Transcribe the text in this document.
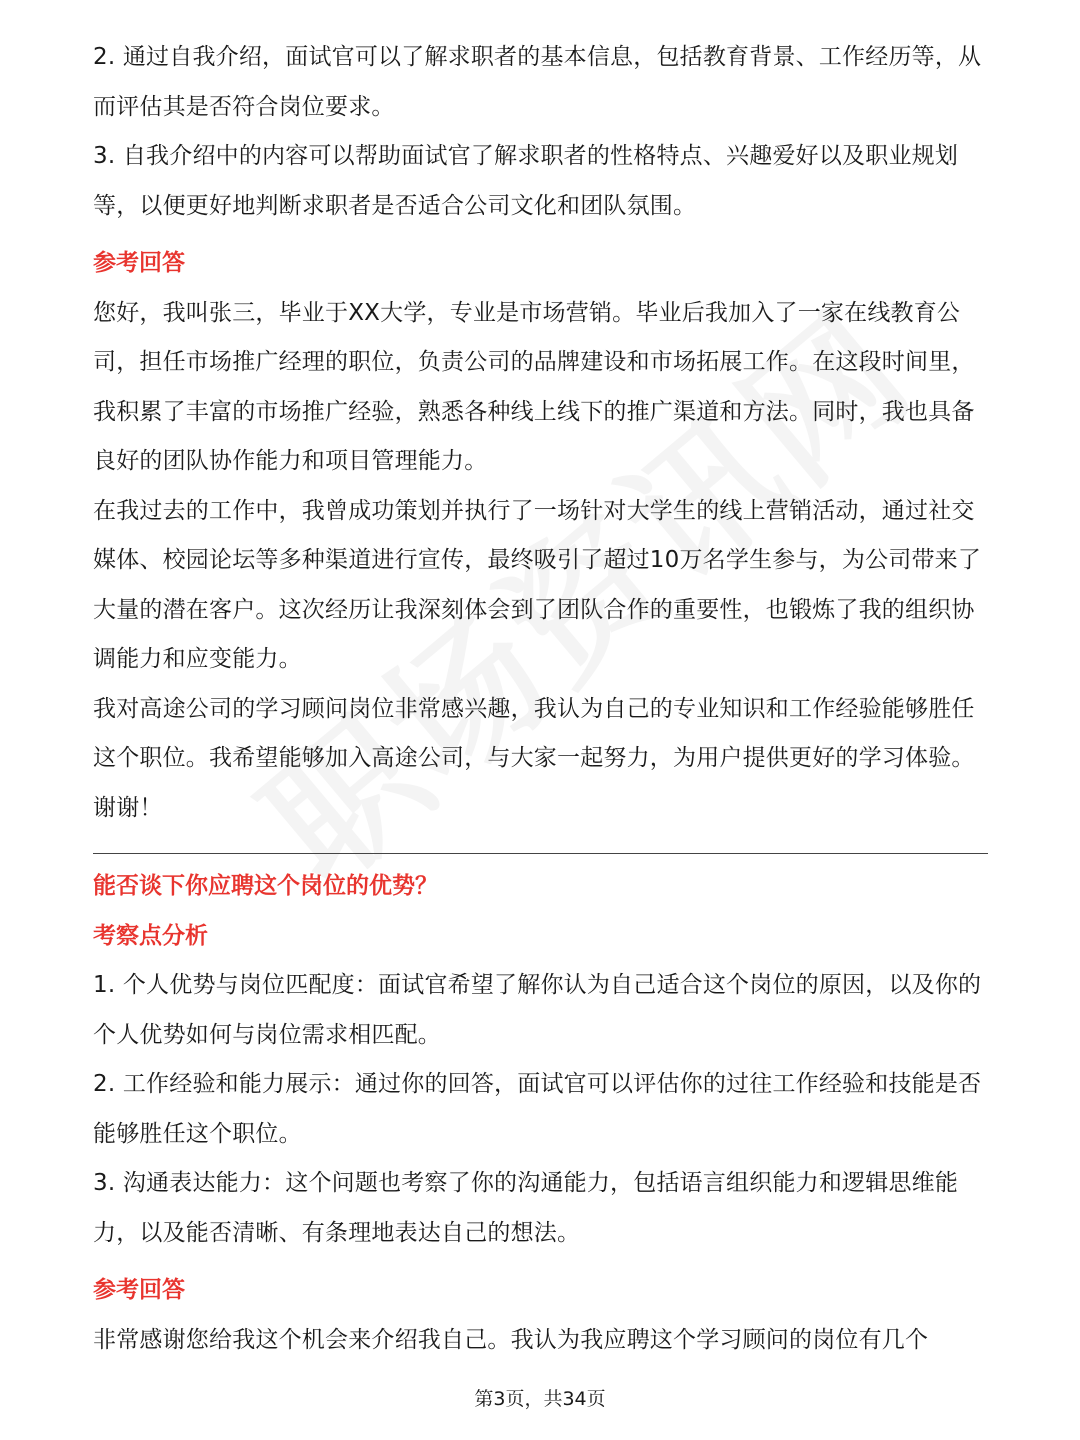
2. 通过自我介绍，面试官可以了解求职者的基本信息，包括教育背景、工作经历等，从而评估其是否符合岗位要求。

3. 自我介绍中的内容可以帮助面试官了解求职者的性格特点、兴趣爱好以及职业规划等，以便更好地判断求职者是否适合公司文化和团队氛围。

参考回答

您好，我叫张三，毕业于XX大学，专业是市场营销。毕业后我加入了一家在线教育公司，担任市场推广经理的职位，负责公司的品牌建设和市场拓展工作。在这段时间里，我积累了丰富的市场推广经验，熟悉各种线上线下的推广渠道和方法。同时，我也具备良好的团队协作能力和项目管理能力。

在我过去的工作中，我曾成功策划并执行了一场针对大学生的线上营销活动，通过社交媒体、校园论坛等多种渠道进行宣传，最终吸引了超过10万名学生参与，为公司带来了大量的潜在客户。这次经历让我深刻体会到了团队合作的重要性，也锻炼了我的组织协调能力和应变能力。

我对高途公司的学习顾问岗位非常感兴趣，我认为自己的专业知识和工作经验能够胜任这个职位。我希望能够加入高途公司，与大家一起努力，为用户提供更好的学习体验。谢谢！

能否谈下你应聘这个岗位的优势？

考察点分析

1. 个人优势与岗位匹配度：面试官希望了解你认为自己适合这个岗位的原因，以及你的个人优势如何与岗位需求相匹配。

2. 工作经验和能力展示：通过你的回答，面试官可以评估你的过往工作经验和技能是否能够胜任这个职位。

3. 沟通表达能力：这个问题也考察了你的沟通能力，包括语言组织能力和逻辑思维能力，以及能否清晰、有条理地表达自己的想法。

参考回答

非常感谢您给我这个机会来介绍我自己。我认为我应聘这个学习顾问的岗位有几个

第3页，共34页
